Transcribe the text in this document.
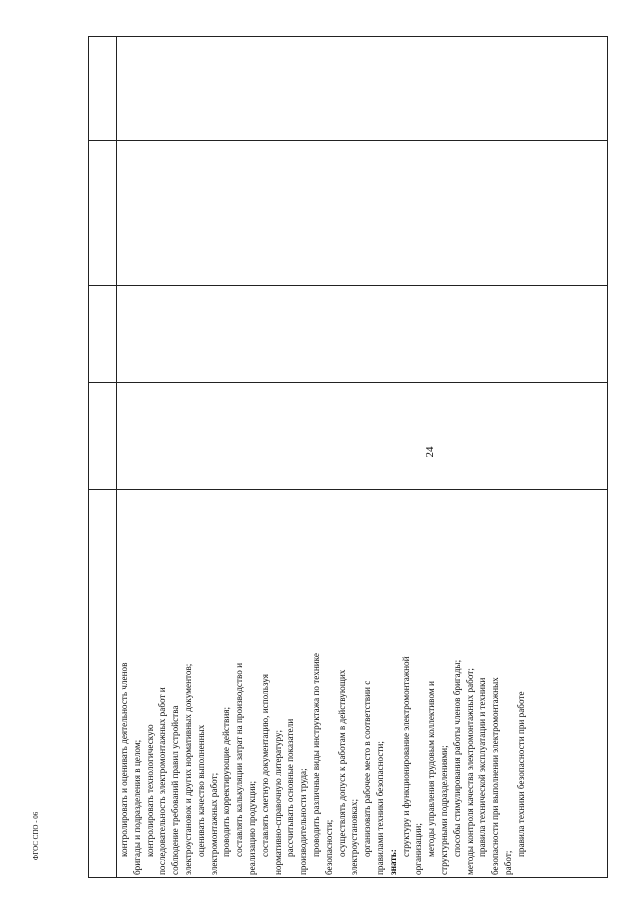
24
ФГОС СПО - 06	контролировать и оценивать деятельность членов бригады и подразделения в целом; контролировать технологическую последовательность электромонтажных работ и соблюдение требований правил устройства электроустановок и других нормативных документов; оценивать качество выполненных электромонтажных работ; проводить корректирующие действия; составлять калькуляции затрат на производство и реализацию продукции; составлять сметную документацию, используя нормативно-справочную литературу; рассчитывать основные показатели производительности труда; проводить различные виды инструктажа по технике безопасности; осуществлять допуск к работам в действующих электроустановках; организовать рабочее место в соответствии с правилами техники безопасности; знать:
структуру и функционирование электромонтажной организации; методы управления трудовым коллективом и структурными подразделениями; способы стимулирования работы членов бригады; методы контроля качества электромонтажных работ; правила технической эксплуатации и техники безопасности при выполнении электромонтажных работ;
правила техники безопасности при работе
